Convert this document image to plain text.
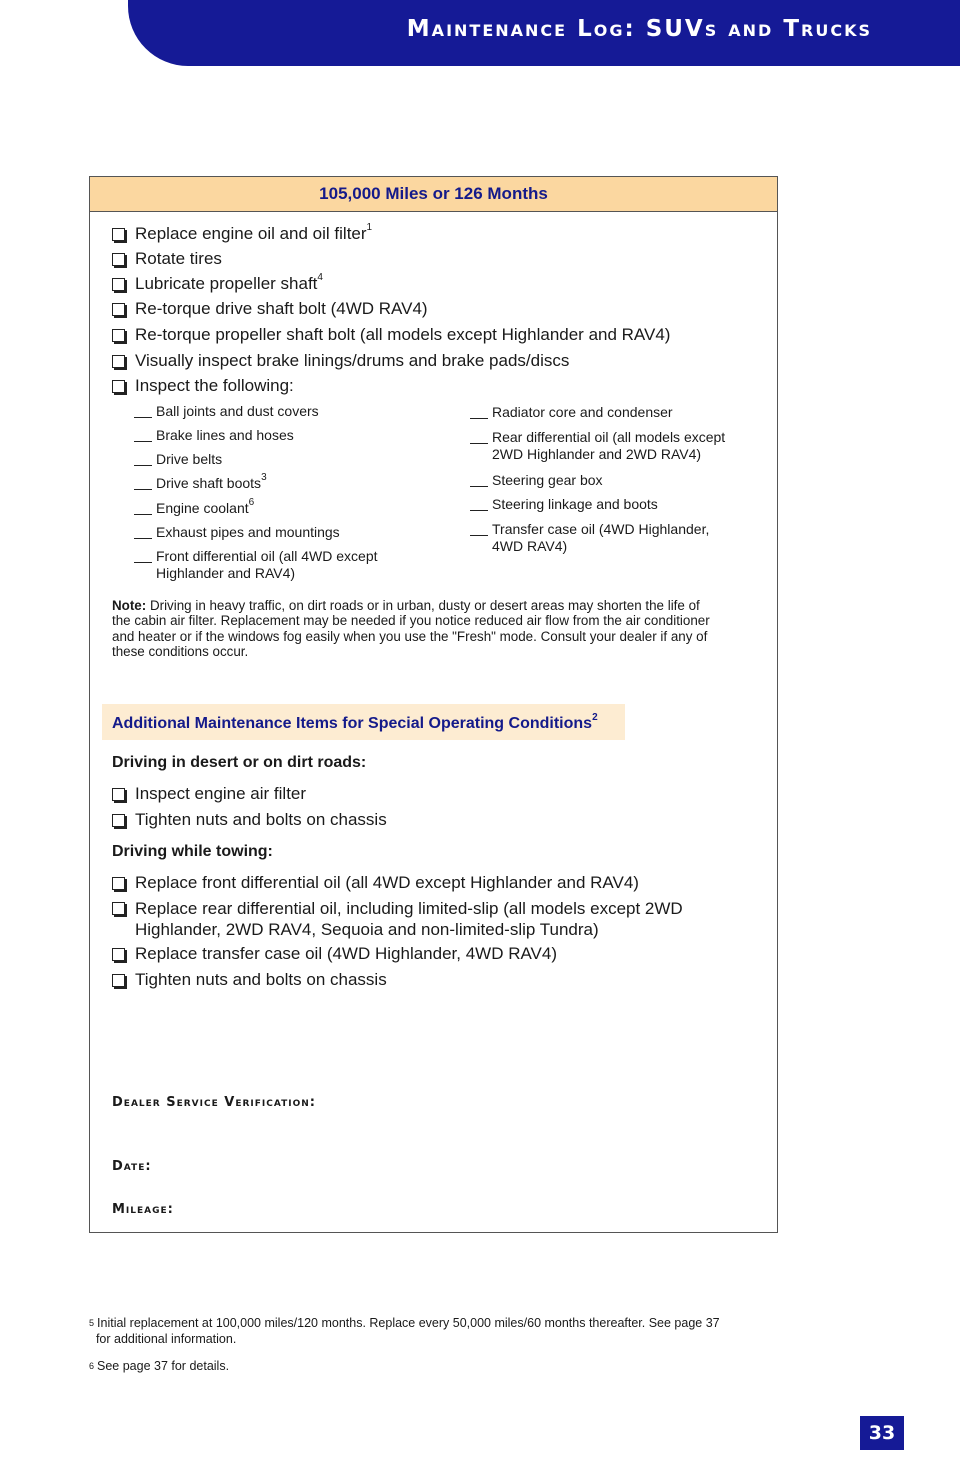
Maintenance Log: SUVs and Trucks
105,000 Miles or 126 Months
Replace engine oil and oil filter$^1$
Rotate tires
Lubricate propeller shaft$^4$
Re-torque drive shaft bolt (4WD RAV4)
Re-torque propeller shaft bolt (all models except Highlander and RAV4)
Visually inspect brake linings/drums and brake pads/discs
Inspect the following:
Ball joints and dust covers
Brake lines and hoses
Drive belts
Drive shaft boots$^3$
Engine coolant$^6$
Exhaust pipes and mountings
Front differential oil (all 4WD except
Highlander and RAV4)
Radiator core and condenser
Rear differential oil (all models except
2WD Highlander and 2WD RAV4)
Steering gear box
Steering linkage and boots
Transfer case oil (4WD Highlander,
4WD RAV4)
Note: Driving in heavy traffic, on dirt roads or in urban, dusty or desert areas may shorten the life of the cabin air filter. Replacement may be needed if you notice reduced air flow from the air conditioner and heater or if the windows fog easily when you use the "Fresh" mode. Consult your dealer if any of these conditions occur.
Additional Maintenance Items for Special Operating Conditions$^2$
Driving in desert or on dirt roads:
Inspect engine air filter
Tighten nuts and bolts on chassis
Driving while towing:
Replace front differential oil (all 4WD except Highlander and RAV4)
Replace rear differential oil, including limited-slip (all models except 2WD
Highlander, 2WD RAV4, Sequoia and non-limited-slip Tundra)
Replace transfer case oil (4WD Highlander, 4WD RAV4)
Tighten nuts and bolts on chassis
Dealer Service Verification:
Date:
Mileage:
$^5$ Initial replacement at 100,000 miles/120 months. Replace every 50,000 miles/60 months thereafter. See page 37
for additional information.
$^6$ See page 37 for details.
33
